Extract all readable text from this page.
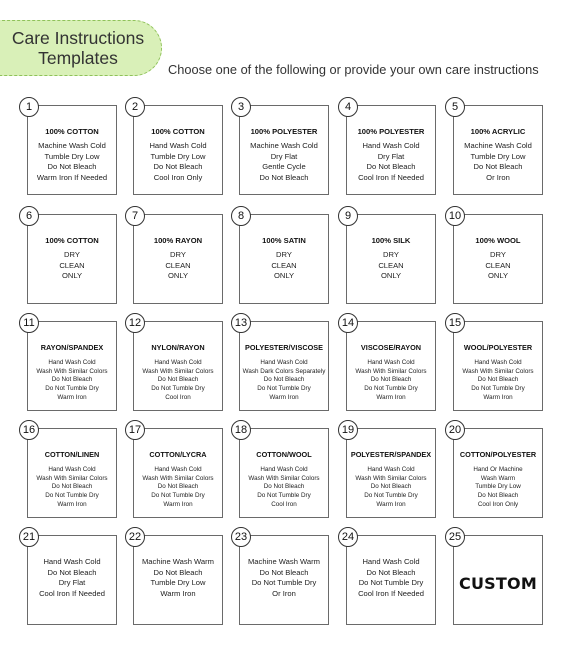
Care Instructions
Templates
Choose one of the following or provide your own care instructions
1
100% COTTON
Machine Wash Cold
Tumble Dry Low
Do Not Bleach
Warm Iron If Needed
2
100% COTTON
Hand Wash Cold
Tumble Dry Low
Do Not Bleach
Cool Iron Only
3
100% POLYESTER
Machine Wash Cold
Dry Flat
Gentle Cycle
Do Not Bleach
4
100% POLYESTER
Hand Wash Cold
Dry Flat
Do Not Bleach
Cool Iron If Needed
5
100% ACRYLIC
Machine Wash Cold
Tumble Dry Low
Do Not Bleach
Or Iron
6
100% COTTON
DRY
CLEAN
ONLY
7
100% RAYON
DRY
CLEAN
ONLY
8
100% SATIN
DRY
CLEAN
ONLY
9
100% SILK
DRY
CLEAN
ONLY
10
100% WOOL
DRY
CLEAN
ONLY
11
RAYON/SPANDEX
Hand Wash Cold
Wash With Similar Colors
Do Not Bleach
Do Not Tumble Dry
Warm Iron
12
NYLON/RAYON
Hand Wash Cold
Wash With Similar Colors
Do Not Bleach
Do Not Tumble Dry
Cool Iron
13
POLYESTER/VISCOSE
Hand Wash Cold
Wash Dark Colors Separately
Do Not Bleach
Do Not Tumble Dry
Warm Iron
14
VISCOSE/RAYON
Hand Wash Cold
Wash With Similar Colors
Do Not Bleach
Do Not Tumble Dry
Warm Iron
15
WOOL/POLYESTER
Hand Wash Cold
Wash With Similar Colors
Do Not Bleach
Do Not Tumble Dry
Warm Iron
16
COTTON/LINEN
Hand Wash Cold
Wash With Similar Colors
Do Not Bleach
Do Not Tumble Dry
Warm Iron
17
COTTON/LYCRA
Hand Wash Cold
Wash With Similar Colors
Do Not Bleach
Do Not Tumble Dry
Warm Iron
18
COTTON/WOOL
Hand Wash Cold
Wash With Similar Colors
Do Not Bleach
Do Not Tumble Dry
Cool Iron
19
POLYESTER/SPANDEX
Hand Wash Cold
Wash With Similar Colors
Do Not Bleach
Do Not Tumble Dry
Warm Iron
20
COTTON/POLYESTER
Hand Or Machine
Wash Warm
Tumble Dry Low
Do Not Bleach
Cool Iron Only
21
Hand Wash Cold
Do Not Bleach
Dry Flat
Cool Iron If Needed
22
Machine Wash Warm
Do Not Bleach
Tumble Dry Low
Warm Iron
23
Machine Wash Warm
Do Not Bleach
Do Not Tumble Dry
Or Iron
24
Hand Wash Cold
Do Not Bleach
Do Not Tumble Dry
Cool Iron If Needed
25
CUSTOM
